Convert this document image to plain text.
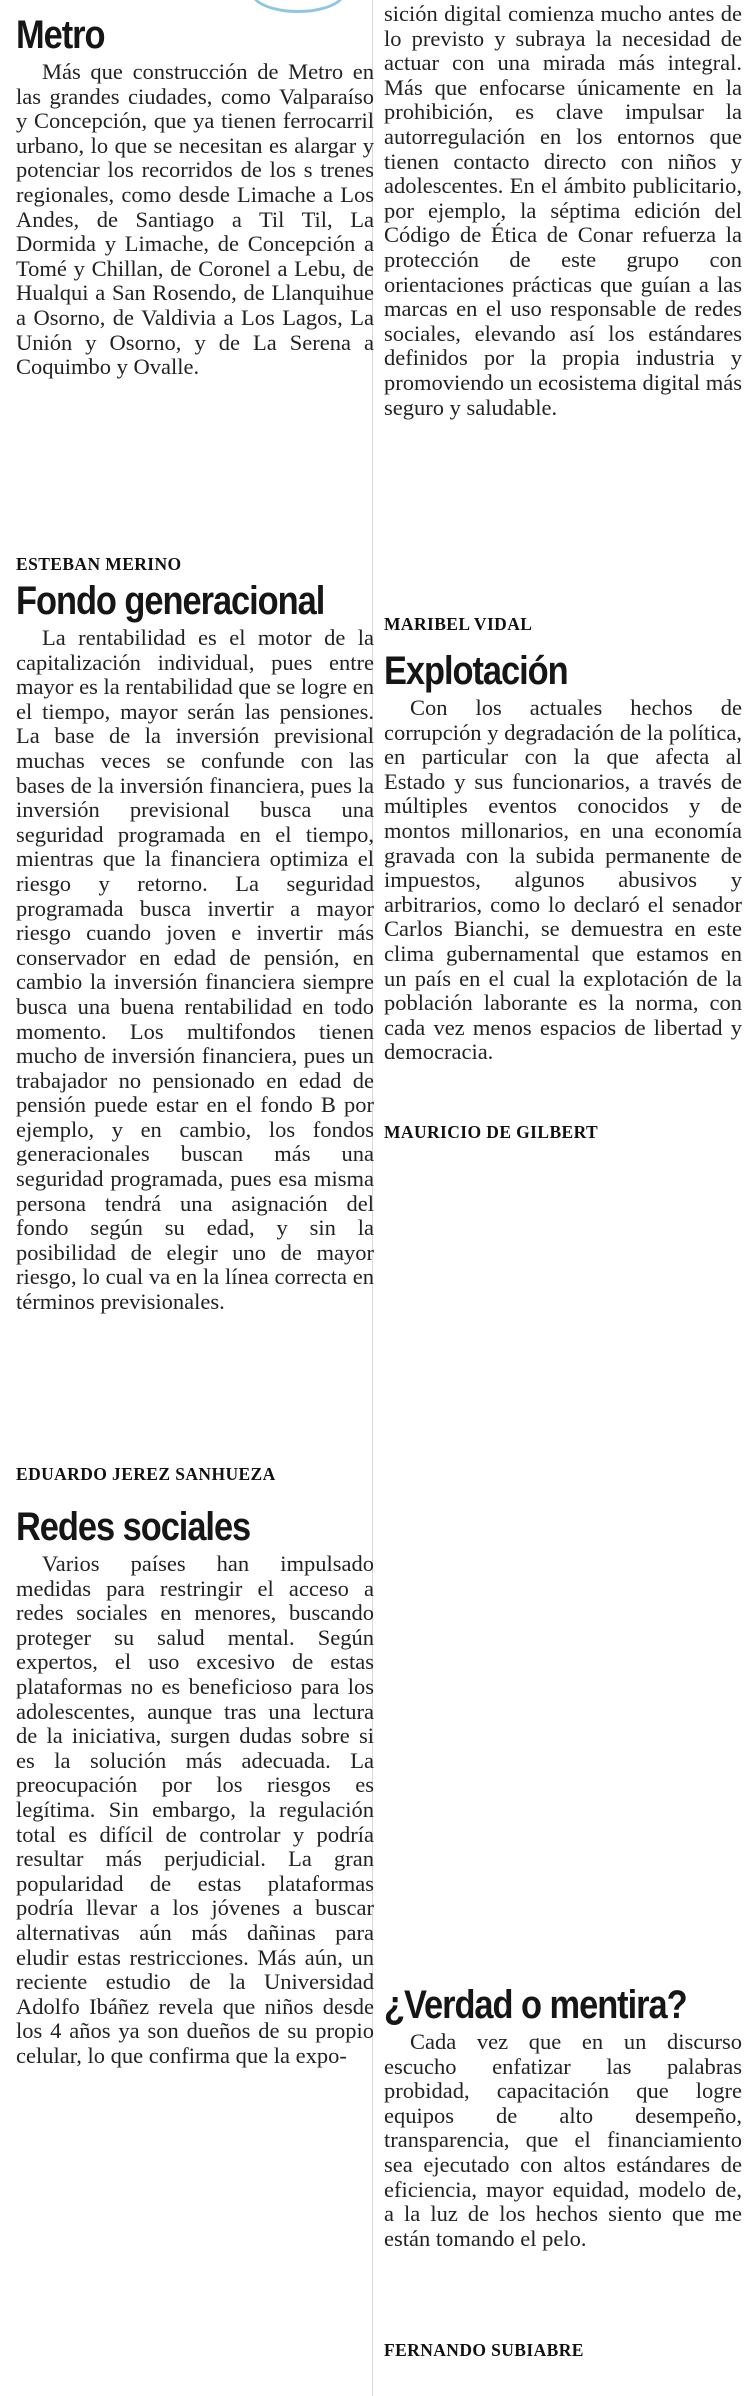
Metro

Más que construcción de Metro en las grandes ciudades, como Valparaíso y Concepción, que ya tienen ferrocarril urbano, lo que se necesitan es alargar y potenciar los recorridos de los s trenes regionales, como desde Limache a Los Andes, de Santiago a Til Til, La Dormida y Limache, de Concepción a Tomé y Chillan, de Coronel a Lebu, de Hualqui a San Rosendo, de Llanquihue a Osorno, de Valdivia a Los Lagos, La Unión y Osorno, y de La Serena a Coquimbo y Ovalle.

ESTEBAN MERINO

Fondo generacional

La rentabilidad es el motor de la capitalización individual, pues entre mayor es la rentabilidad que se logre en el tiempo, mayor serán las pensiones. La base de la inversión previsional muchas veces se confunde con las bases de la inversión financiera, pues la inversión previsional busca una seguridad programada en el tiempo, mientras que la financiera optimiza el riesgo y retorno. La seguridad programada busca invertir a mayor riesgo cuando joven e invertir más conservador en edad de pensión, en cambio la inversión financiera siempre busca una buena rentabilidad en todo momento. Los multifondos tienen mucho de inversión financiera, pues un trabajador no pensionado en edad de pensión puede estar en el fondo B por ejemplo, y en cambio, los fondos generacionales buscan más una seguridad programada, pues esa misma persona tendrá una asignación del fondo según su edad, y sin la posibilidad de elegir uno de mayor riesgo, lo cual va en la línea correcta en términos previsionales.

EDUARDO JEREZ SANHUEZA

Redes sociales

Varios países han impulsado medidas para restringir el acceso a redes sociales en menores, buscando proteger su salud mental. Según expertos, el uso excesivo de estas plataformas no es beneficioso para los adolescentes, aunque tras una lectura de la iniciativa, surgen dudas sobre si es la solución más adecuada. La preocupación por los riesgos es legítima. Sin embargo, la regulación total es difícil de controlar y podría resultar más perjudicial. La gran popularidad de estas plataformas podría llevar a los jóvenes a buscar alternativas aún más dañinas para eludir estas restricciones. Más aún, un reciente estudio de la Universidad Adolfo Ibáñez revela que niños desde los 4 años ya son dueños de su propio celular, lo que confirma que la expo-

sición digital comienza mucho antes de lo previsto y subraya la necesidad de actuar con una mirada más integral. Más que enfocarse únicamente en la prohibición, es clave impulsar la autorregulación en los entornos que tienen contacto directo con niños y adolescentes. En el ámbito publicitario, por ejemplo, la séptima edición del Código de Ética de Conar refuerza la protección de este grupo con orientaciones prácticas que guían a las marcas en el uso responsable de redes sociales, elevando así los estándares definidos por la propia industria y promoviendo un ecosistema digital más seguro y saludable.

MARIBEL VIDAL

Explotación

Con los actuales hechos de corrupción y degradación de la política, en particular con la que afecta al Estado y sus funcionarios, a través de múltiples eventos conocidos y de montos millonarios, en una economía gravada con la subida permanente de impuestos, algunos abusivos y arbitrarios, como lo declaró el senador Carlos Bianchi, se demuestra en este clima gubernamental que estamos en un país en el cual la explotación de la población laborante es la norma, con cada vez menos espacios de libertad y democracia.

MAURICIO DE GILBERT

¿Verdad o mentira?

Cada vez que en un discurso escucho enfatizar las palabras probidad, capacitación que logre equipos de alto desempeño, transparencia, que el financiamiento sea ejecutado con altos estándares de eficiencia, mayor equidad, modelo de, a la luz de los hechos siento que me están tomando el pelo.

FERNANDO SUBIABRE
